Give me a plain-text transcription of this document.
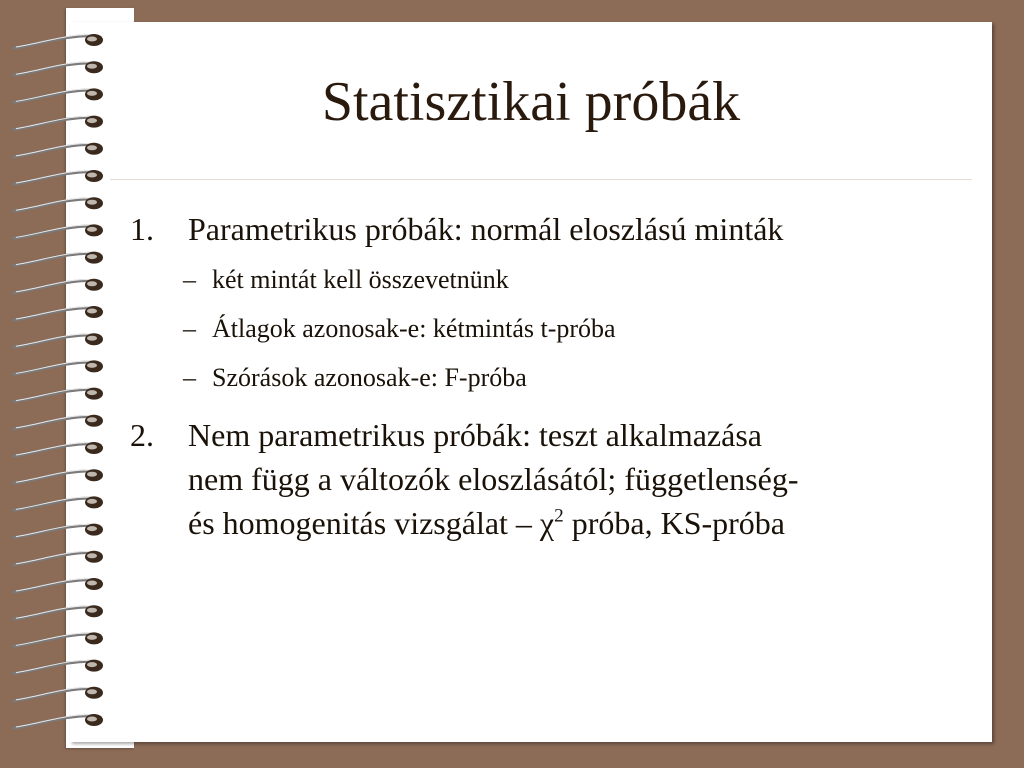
Statisztikai próbák
1. Parametrikus próbák: normál eloszlású minták
– két mintát kell összevetnünk
– Átlagok azonosak-e: kétmintás t-próba
– Szórások azonosak-e: F-próba
2. Nem parametrikus próbák: teszt alkalmazása
nem függ a változók eloszlásától; függetlenség-
és homogenitás vizsgálat – $\chi^2$ próba, KS-próba
